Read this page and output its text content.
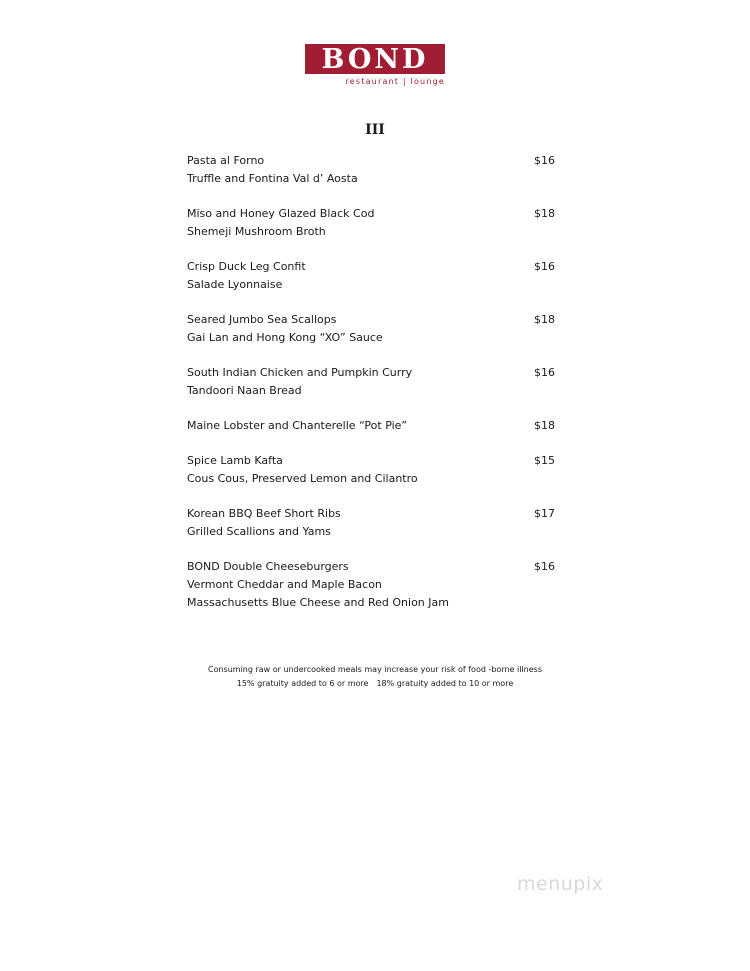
BOND
restaurant | lounge
III
Pasta al Forno	$16
Truffle and Fontina Val d’ Aosta
Miso and Honey Glazed Black Cod	$18
Shemeji Mushroom Broth
Crisp Duck Leg Confit	$16
Salade Lyonnaise
Seared Jumbo Sea Scallops	$18
Gai Lan and Hong Kong “XO” Sauce
South Indian Chicken and Pumpkin Curry	$16
Tandoori Naan Bread
Maine Lobster and Chanterelle “Pot Pie”	$18
Spice Lamb Kafta	$15
Cous Cous, Preserved Lemon and Cilantro
Korean BBQ Beef Short Ribs	$17
Grilled Scallions and Yams
BOND Double Cheeseburgers	$16
Vermont Cheddar and Maple Bacon
Massachusetts Blue Cheese and Red Onion Jam
Consuming raw or undercooked meals may increase your risk of food -borne illness
15% gratuity added to 6 or more 18% gratuity added to 10 or more
menupix
